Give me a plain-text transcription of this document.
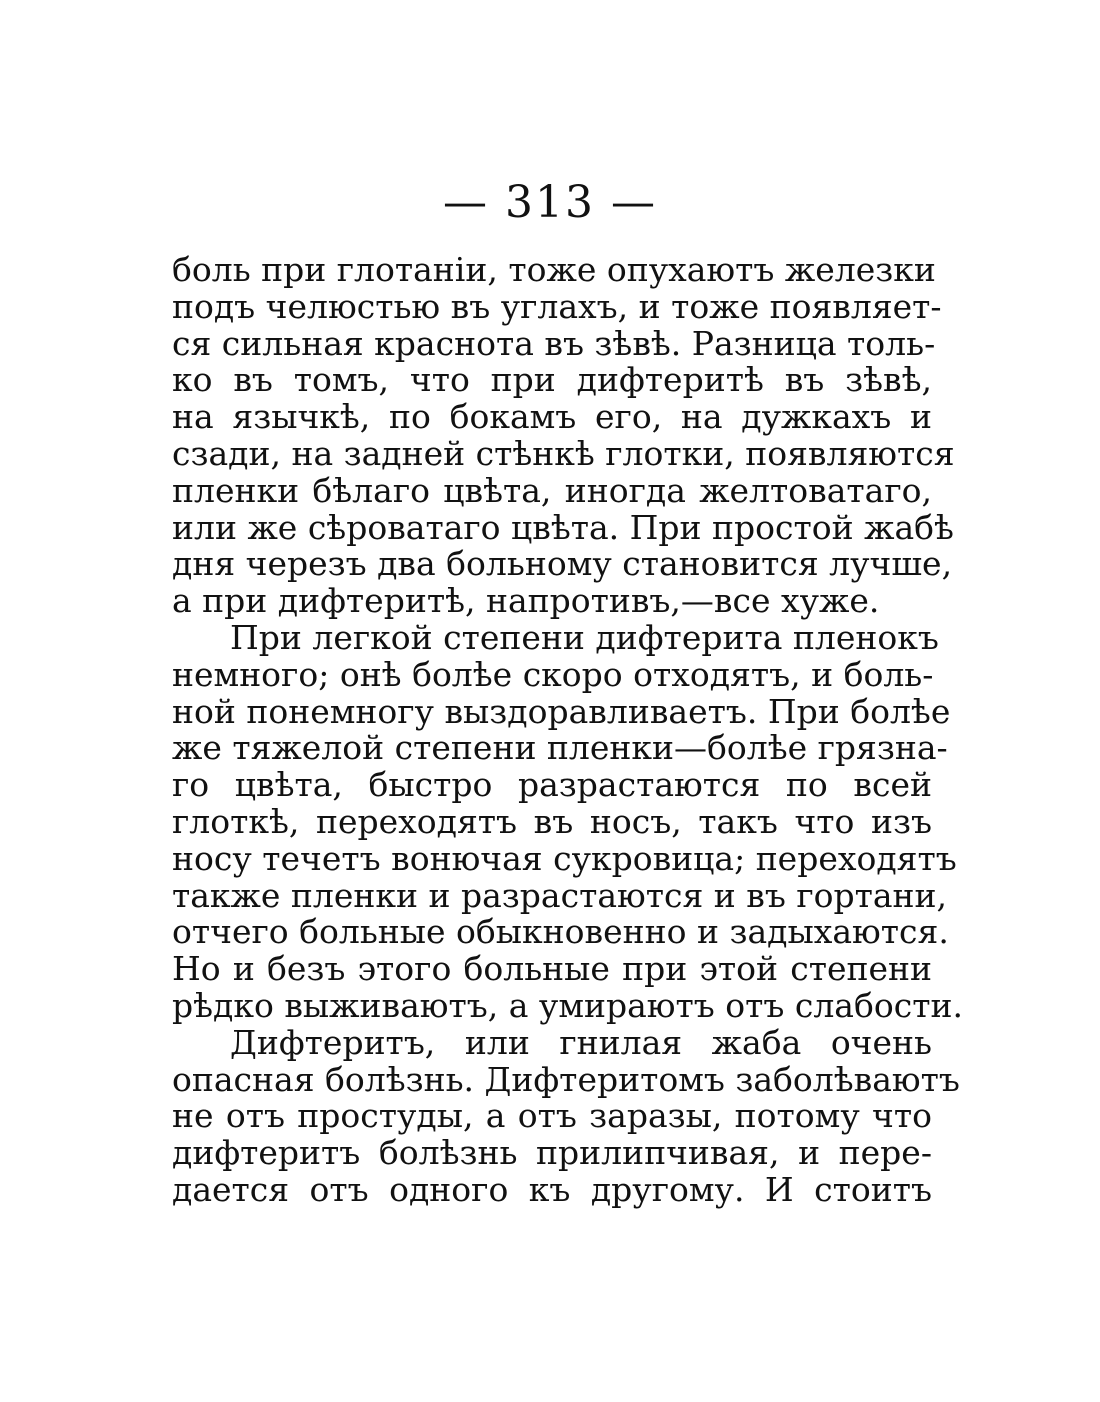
— 313 —
боль при глотанiи, тоже опухаютъ железки
подъ челюстью въ углахъ, и тоже появляет-
ся сильная краснота въ зѣвѣ. Разница толь-
ко въ томъ, что при дифтеритѣ въ зѣвѣ,
на язычкѣ, по бокамъ его, на дужкахъ и
сзади, на задней стѣнкѣ глотки, появляются
пленки бѣлаго цвѣта, иногда желтоватаго,
или же сѣроватаго цвѣта. При простой жабѣ
дня черезъ два больному становится лучше,
а при дифтеритѣ, напротивъ,—все хуже.
При легкой степени дифтерита пленокъ
немного; онѣ болѣе скоро отходятъ, и боль-
ной понемногу выздоравливаетъ. При болѣе
же тяжелой степени пленки—болѣе грязна-
го цвѣта, быстро разрастаются по всей
глоткѣ, переходятъ въ носъ, такъ что изъ
носу течетъ вонючая сукровица; переходятъ
также пленки и разрастаются и въ гортани,
отчего больные обыкновенно и задыхаются.
Но и безъ этого больные при этой степени
рѣдко выживаютъ, а умираютъ отъ слабости.
Дифтеритъ, или гнилая жаба очень
опасная болѣзнь. Дифтеритомъ заболѣваютъ
не отъ простуды, а отъ заразы, потому что
дифтеритъ болѣзнь прилипчивая, и пере-
дается отъ одного къ другому. И стоитъ
